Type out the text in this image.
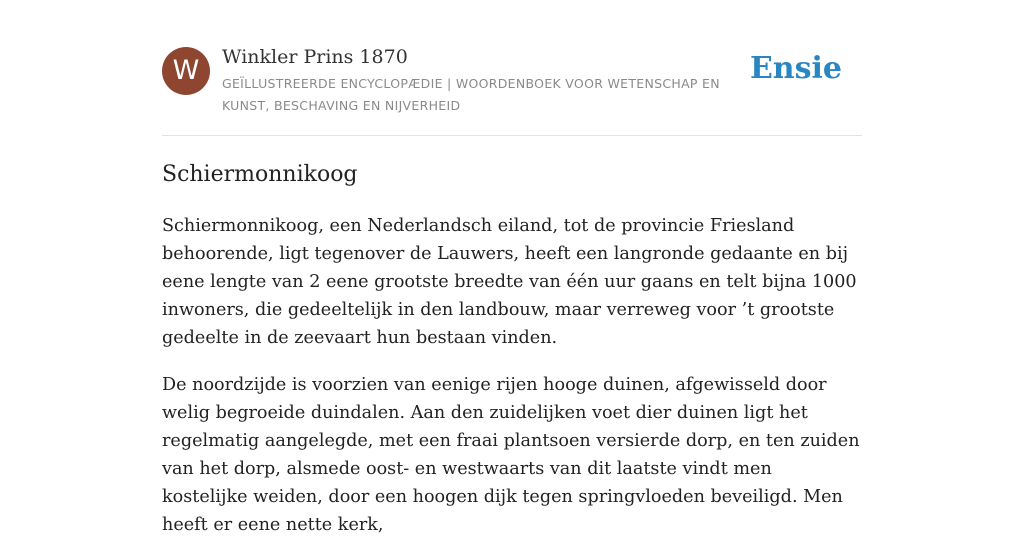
W	Winkler Prins 1870
GEÏLLUSTREERDE ENCYCLOPÆDIE | WOORDENBOEK VOOR WETENSCHAP EN KUNST, BESCHAVING EN NIJVERHEID
Ensie
Schiermonnikoog

Schiermonnikoog, een Nederlandsch eiland, tot de provincie Friesland behoorende, ligt tegenover de Lauwers, heeft een langronde gedaante en bij eene lengte van 2 eene grootste breedte van één uur gaans en telt bijna 1000 inwoners, die gedeeltelijk in den landbouw, maar verreweg voor ’t grootste gedeelte in de zeevaart hun bestaan vinden.

De noordzijde is voorzien van eenige rijen hooge duinen, afgewisseld door welig begroeide duindalen. Aan den zuidelijken voet dier duinen ligt het regelmatig aangelegde, met een fraai plantsoen versierde dorp, en ten zuiden van het dorp, alsmede oost- en westwaarts van dit laatste vindt men kostelijke weiden, door een hoogen dijk tegen springvloeden beveiligd. Men heeft er eene nette kerk,
